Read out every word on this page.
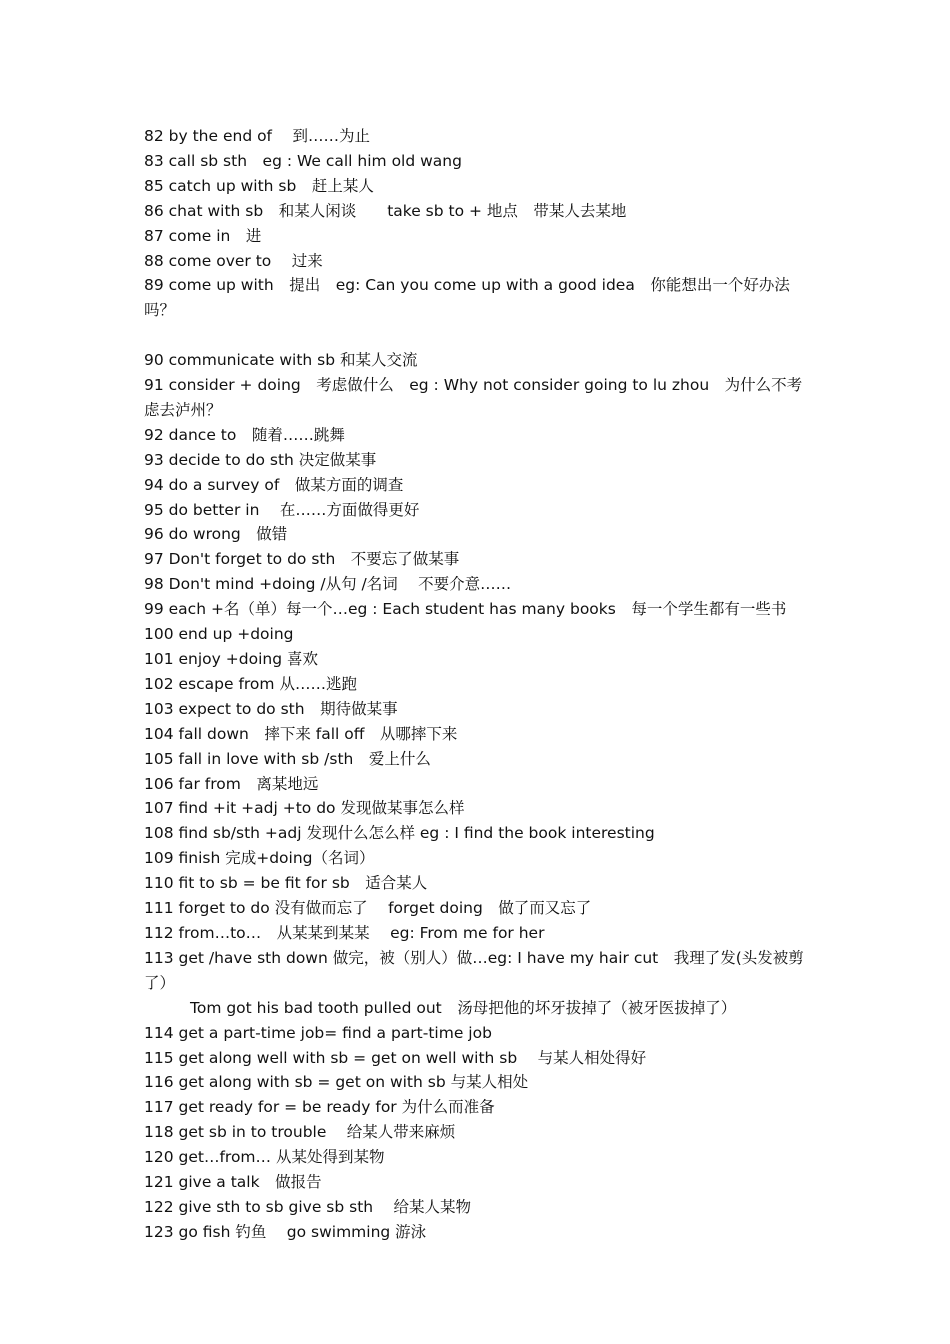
82 by the end of　 到……为止

83 call sb sth　eg : We call him old wang

85 catch up with sb　赶上某人

86 chat with sb　和某人闲谈　　take sb to + 地点　带某人去某地

87 come in　进

88 come over to　 过来

89 come up with　提出　eg: Can you come up with a good idea　你能想出一个好办法吗？

90 communicate with sb 和某人交流

91 consider + doing　考虑做什么　eg : Why not consider going to lu zhou　为什么不考虑去泸州？

92 dance to　随着……跳舞

93 decide to do sth 决定做某事

94 do a survey of　做某方面的调查

95 do better in　 在……方面做得更好

96 do wrong　做错

97 Don't forget to do sth　不要忘了做某事

98 Don't mind +doing /从句 /名词　 不要介意……

99 each +名（单）每一个…eg : Each student has many books　每一个学生都有一些书

100 end up +doing

101 enjoy +doing 喜欢

102 escape from 从……逃跑

103 expect to do sth　期待做某事

104 fall down　摔下来 fall off　从哪摔下来

105 fall in love with sb /sth　爱上什么

106 far from　离某地远

107 find +it +adj +to do 发现做某事怎么样

108 find sb/sth +adj 发现什么怎么样 eg : I find the book interesting

109 finish 完成+doing（名词）

110 fit to sb = be fit for sb　适合某人

111 forget to do 没有做而忘了　 forget doing　做了而又忘了

112 from…to…　从某某到某某　 eg: From me for her

113 get /have sth down 做完，被（别人）做…eg: I have my hair cut　我理了发(头发被剪了）

Tom got his bad tooth pulled out　汤母把他的坏牙拔掉了（被牙医拔掉了）

114 get a part-time job= find a part-time job

115 get along well with sb = get on well with sb　 与某人相处得好

116 get along with sb = get on with sb 与某人相处

117 get ready for = be ready for 为什么而准备

118 get sb in to trouble　 给某人带来麻烦

120 get…from… 从某处得到某物

121 give a talk　做报告

122 give sth to sb give sb sth　 给某人某物

123 go fish 钓鱼　 go swimming 游泳
